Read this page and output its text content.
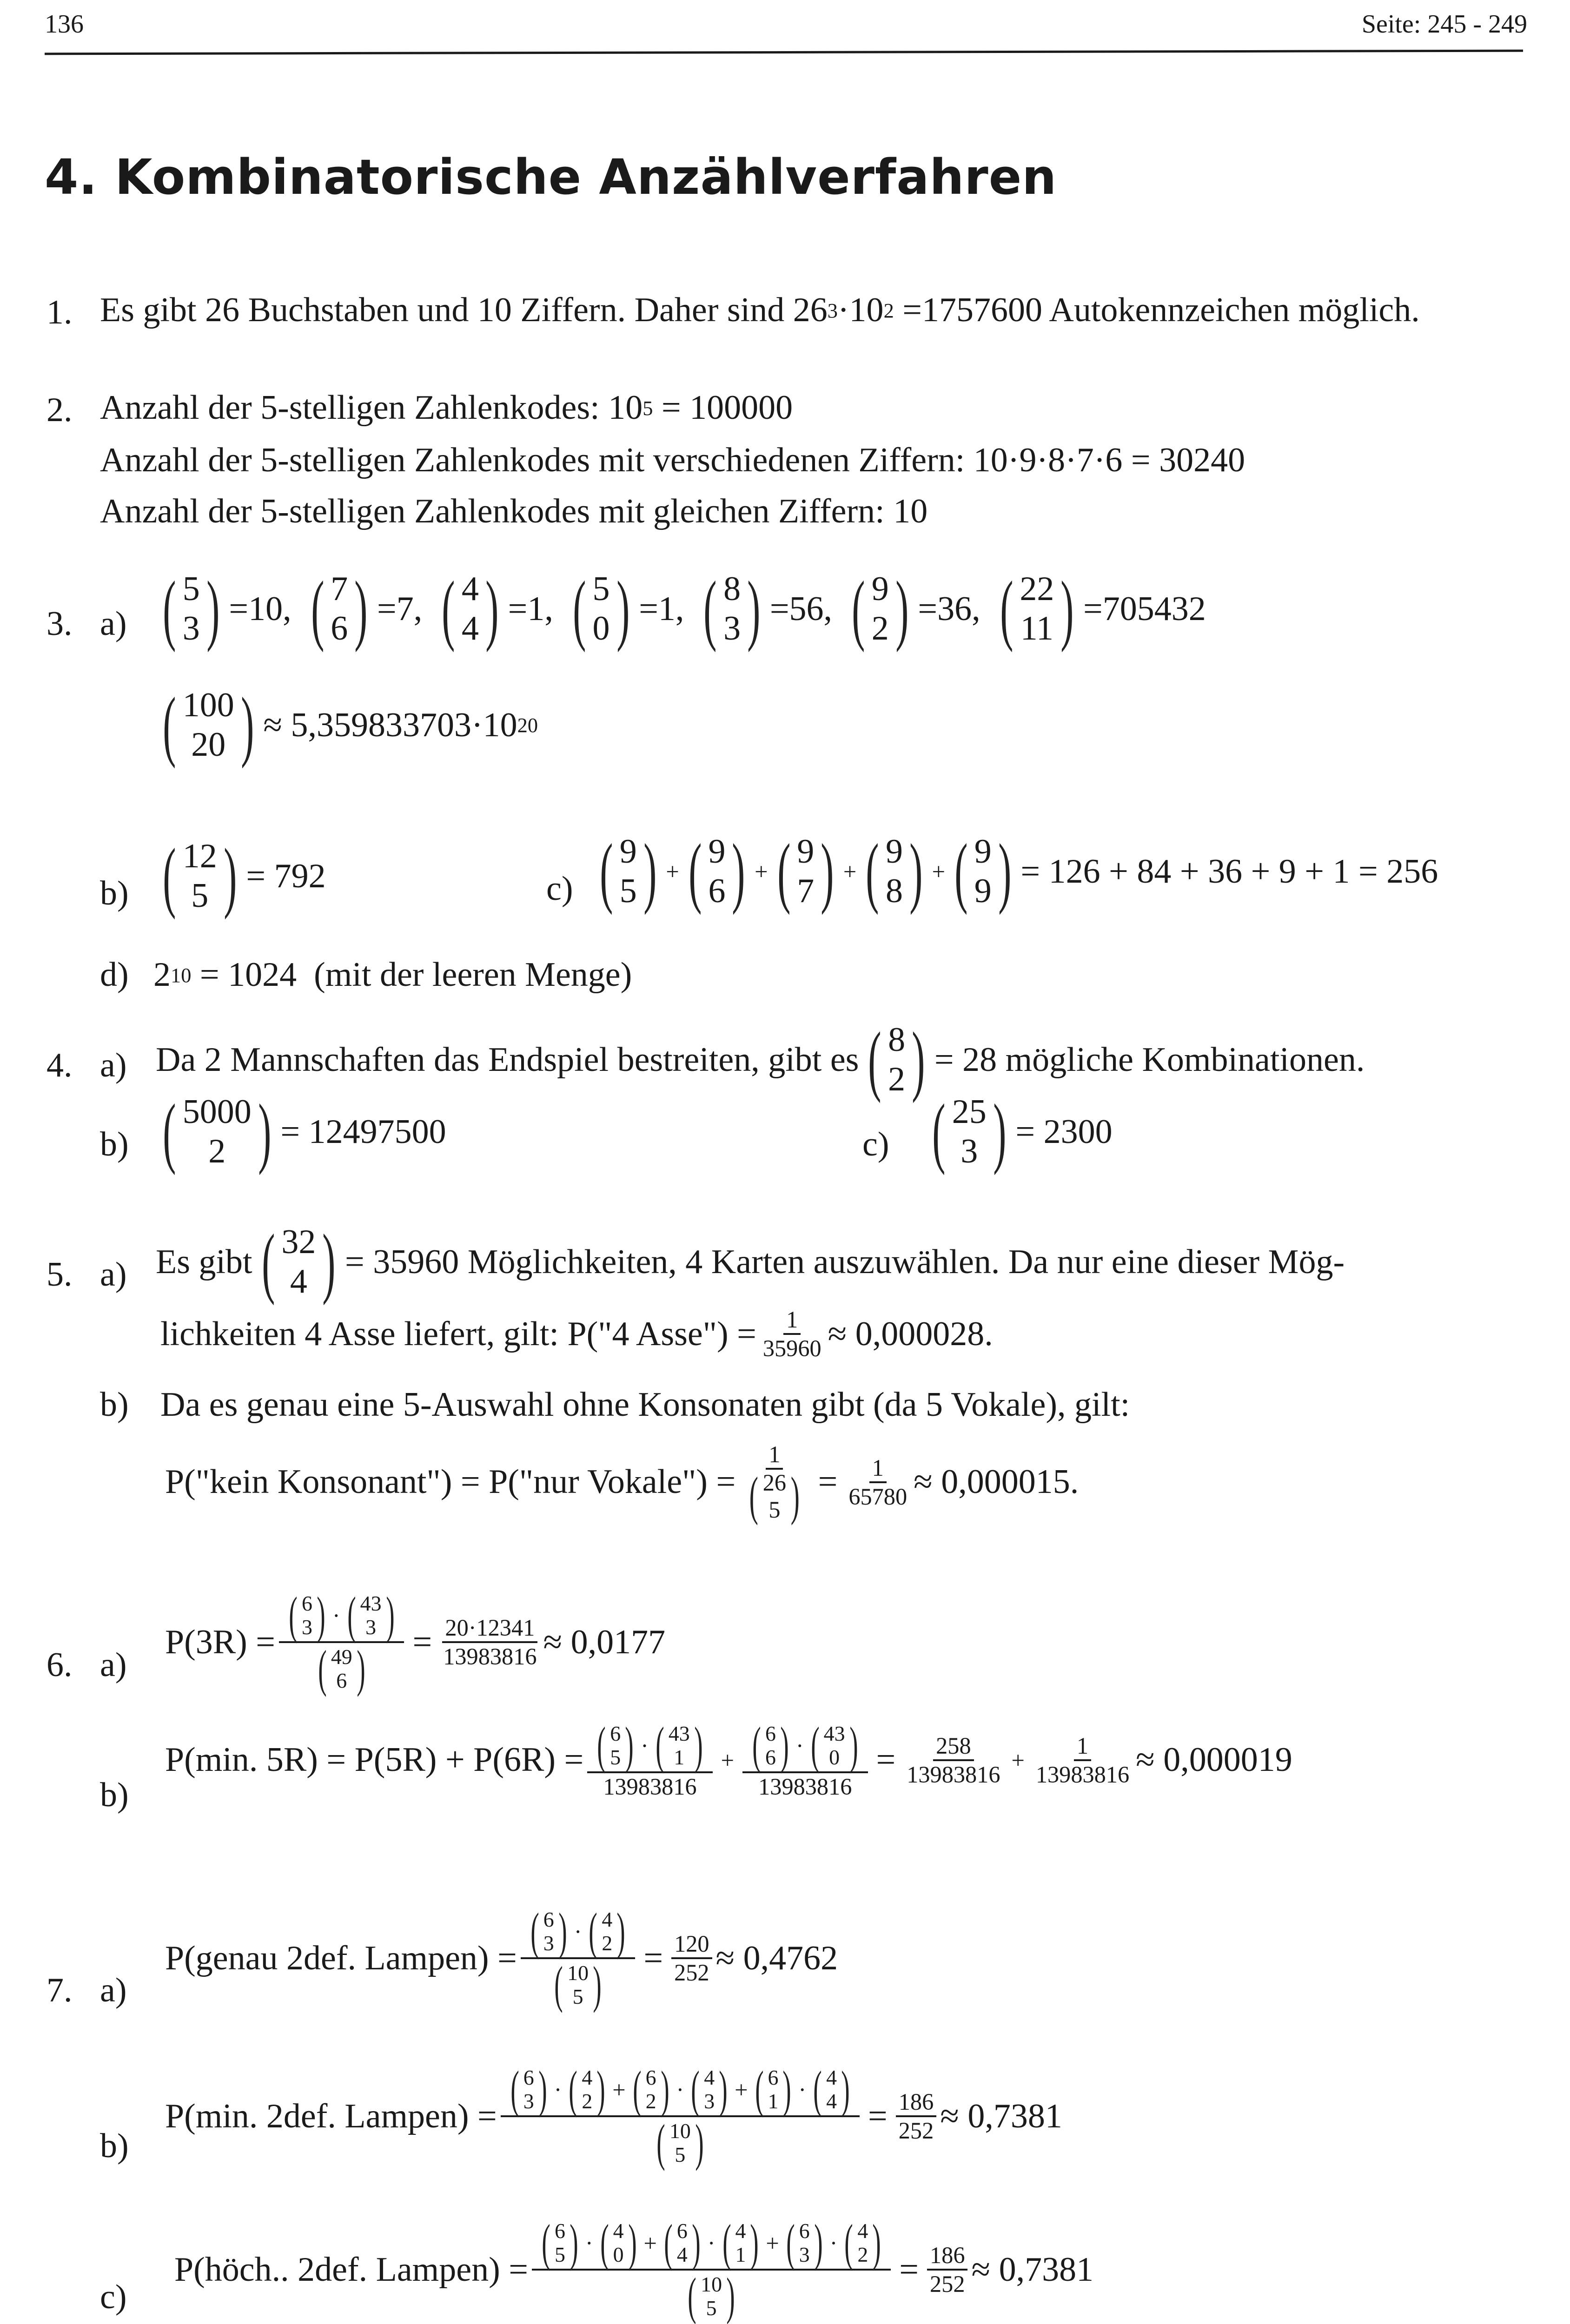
136	Seite: 245 - 249
4. Kombinatorische Anzählverfahren
1. Es gibt 26 Buchstaben und 10 Ziffern. Daher sind 26 3 ·10 2 =1757600 Autokennzeichen möglich.
2. Anzahl der 5-stelligen Zahlenkodes: 10 5 = 100000
Anzahl der 5-stelligen Zahlenkodes mit verschiedenen Ziffern: 10·9·8·7·6 = 30240
Anzahl der 5-stelligen Zahlenkodes mit gleichen Ziffern: 10
3. a) ( 5
3 ) =10, ( 7
6 ) =7, ( 4
4 ) =1, ( 5
0 ) =1, ( 8
3 ) =56, ( 9
2 ) =36, ( 22
11 ) =705432
( 100
20 ) ≈ 5,359833703·10 20
b) ( 12
5 ) = 792	c) ( 9
5 ) + ( 9
6 ) + ( 9
7 ) + ( 9
8 ) + ( 9
9 ) = 126 + 84 + 36 + 9 + 1 = 256
d) 2 10 = 1024  (mit der leeren Menge)
4. a) Da 2 Mannschaften das Endspiel bestreiten, gibt es ( 8
2 ) = 28 mögliche Kombinationen.
b) ( 5000
2 ) = 12497500	c) ( 25
3 ) = 2300
5. a) Es gibt ( 32
4 ) = 35960 Möglichkeiten, 4 Karten auszuwählen. Da nur eine dieser Mög-
lichkeiten 4 Asse liefert, gilt: P("4 Asse") = $\frac{1}{35960} \approx 0,000028$.
b) Da es genau eine 5-Auswahl ohne Konsonaten gibt (da 5 Vokale), gilt:
P("kein Konsonant") = P("nur Vokale") = 1
( 26
5 ) = $\frac{1}{65780} \approx 0,000015$.
6. a)
P(3R) = ( 6
3 ) · ( 43
3 )
( 49
6 ) = $\frac{20\cdot 12341}{13983816} \approx 0,0177$
b)
P(min. 5R) = P(5R) + P(6R) = ( 6
5 ) · ( 43
1 )
13983816 + ( 6
6 ) · ( 43
0 )
$13983816 = \frac{258}{13983816} + \frac{1}{13983816} \approx 0,000019$
7. a)
P(genau 2def. Lampen) = ( 6
3 ) · ( 4
2 )
( 10
5 ) = $\frac{120}{252} \approx 0,4762$
b)
P(min. 2def. Lampen) = ( 6
3 ) · ( 4
2 ) + ( 6
2 ) · ( 4
3 ) + ( 6
1 ) · ( 4
4 )
( 10
5 ) = $\frac{186}{252} \approx 0,7381$
c)
P(höch.. 2def. Lampen) = ( 6
5 ) · ( 4
0 ) + ( 6
4 ) · ( 4
1 ) + ( 6
3 ) · ( 4
2 )
( 10
5 ) = $\frac{186}{252} \approx 0,7381$
